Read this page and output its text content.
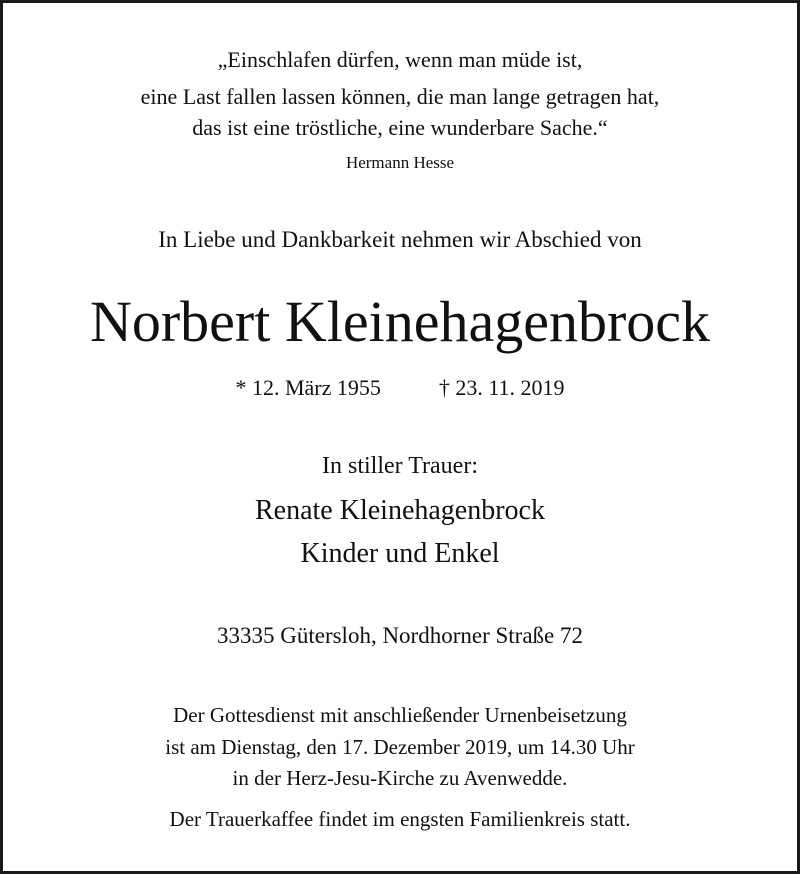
„Einschlafen dürfen, wenn man müde ist,
eine Last fallen lassen können, die man lange getragen hat,
das ist eine tröstliche, eine wunderbare Sache.“
Hermann Hesse
In Liebe und Dankbarkeit nehmen wir Abschied von
Norbert Kleinehagenbrock
* 12. März 1955	† 23. 11. 2019
In stiller Trauer:
Renate Kleinehagenbrock
Kinder und Enkel
33335 Gütersloh, Nordhorner Straße 72
Der Gottesdienst mit anschließender Urnenbeisetzung
ist am Dienstag, den 17. Dezember 2019, um 14.30 Uhr
in der Herz-Jesu-Kirche zu Avenwedde.
Der Trauerkaffee findet im engsten Familienkreis statt.
